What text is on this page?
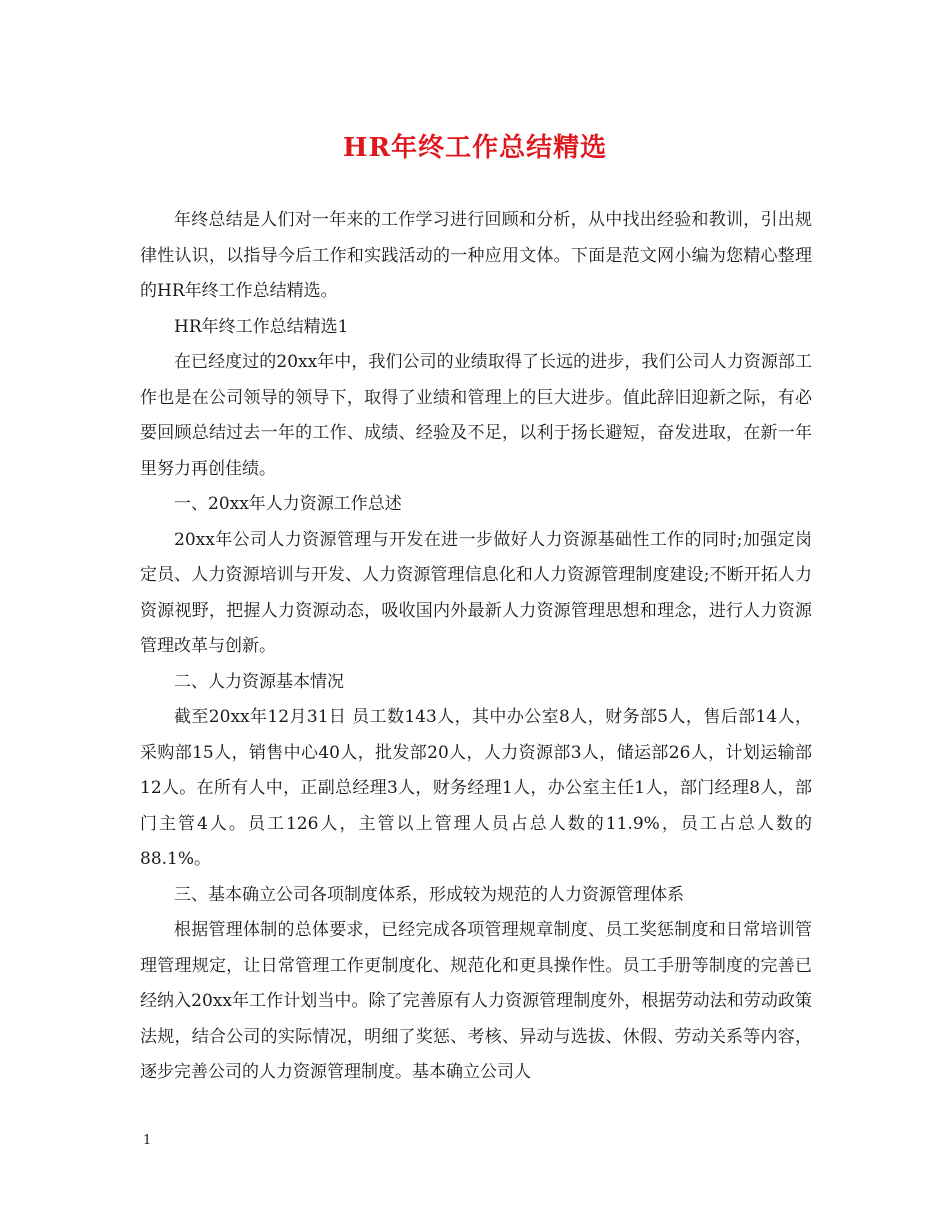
HR年终工作总结精选

年终总结是人们对一年来的工作学习进行回顾和分析，从中找出经验和教训，引出规律性认识，以指导今后工作和实践活动的一种应用文体。下面是范文网小编为您精心整理的HR年终工作总结精选。

HR年终工作总结精选1

在已经度过的20xx年中，我们公司的业绩取得了长远的进步，我们公司人力资源部工作也是在公司领导的领导下，取得了业绩和管理上的巨大进步。值此辞旧迎新之际，有必要回顾总结过去一年的工作、成绩、经验及不足，以利于扬长避短，奋发进取，在新一年里努力再创佳绩。

一、20xx年人力资源工作总述

20xx年公司人力资源管理与开发在进一步做好人力资源基础性工作的同时;加强定岗定员、人力资源培训与开发、人力资源管理信息化和人力资源管理制度建设;不断开拓人力资源视野，把握人力资源动态，吸收国内外最新人力资源管理思想和理念，进行人力资源管理改革与创新。

二、人力资源基本情况

截至20xx年12月31日 员工数143人，其中办公室8人，财务部5人，售后部14人，采购部15人，销售中心40人，批发部20人，人力资源部3人，储运部26人，计划运输部12人。在所有人中，正副总经理3人，财务经理1人，办公室主任1人，部门经理8人，部门主管4人。员工126人，主管以上管理人员占总人数的11.9%，员工占总人数的88.1%。

三、基本确立公司各项制度体系，形成较为规范的人力资源管理体系

根据管理体制的总体要求，已经完成各项管理规章制度、员工奖惩制度和日常培训管理管理规定，让日常管理工作更制度化、规范化和更具操作性。员工手册等制度的完善已经纳入20xx年工作计划当中。除了完善原有人力资源管理制度外，根据劳动法和劳动政策法规，结合公司的实际情况，明细了奖惩、考核、异动与选拔、休假、劳动关系等内容，逐步完善公司的人力资源管理制度。基本确立公司人

1
